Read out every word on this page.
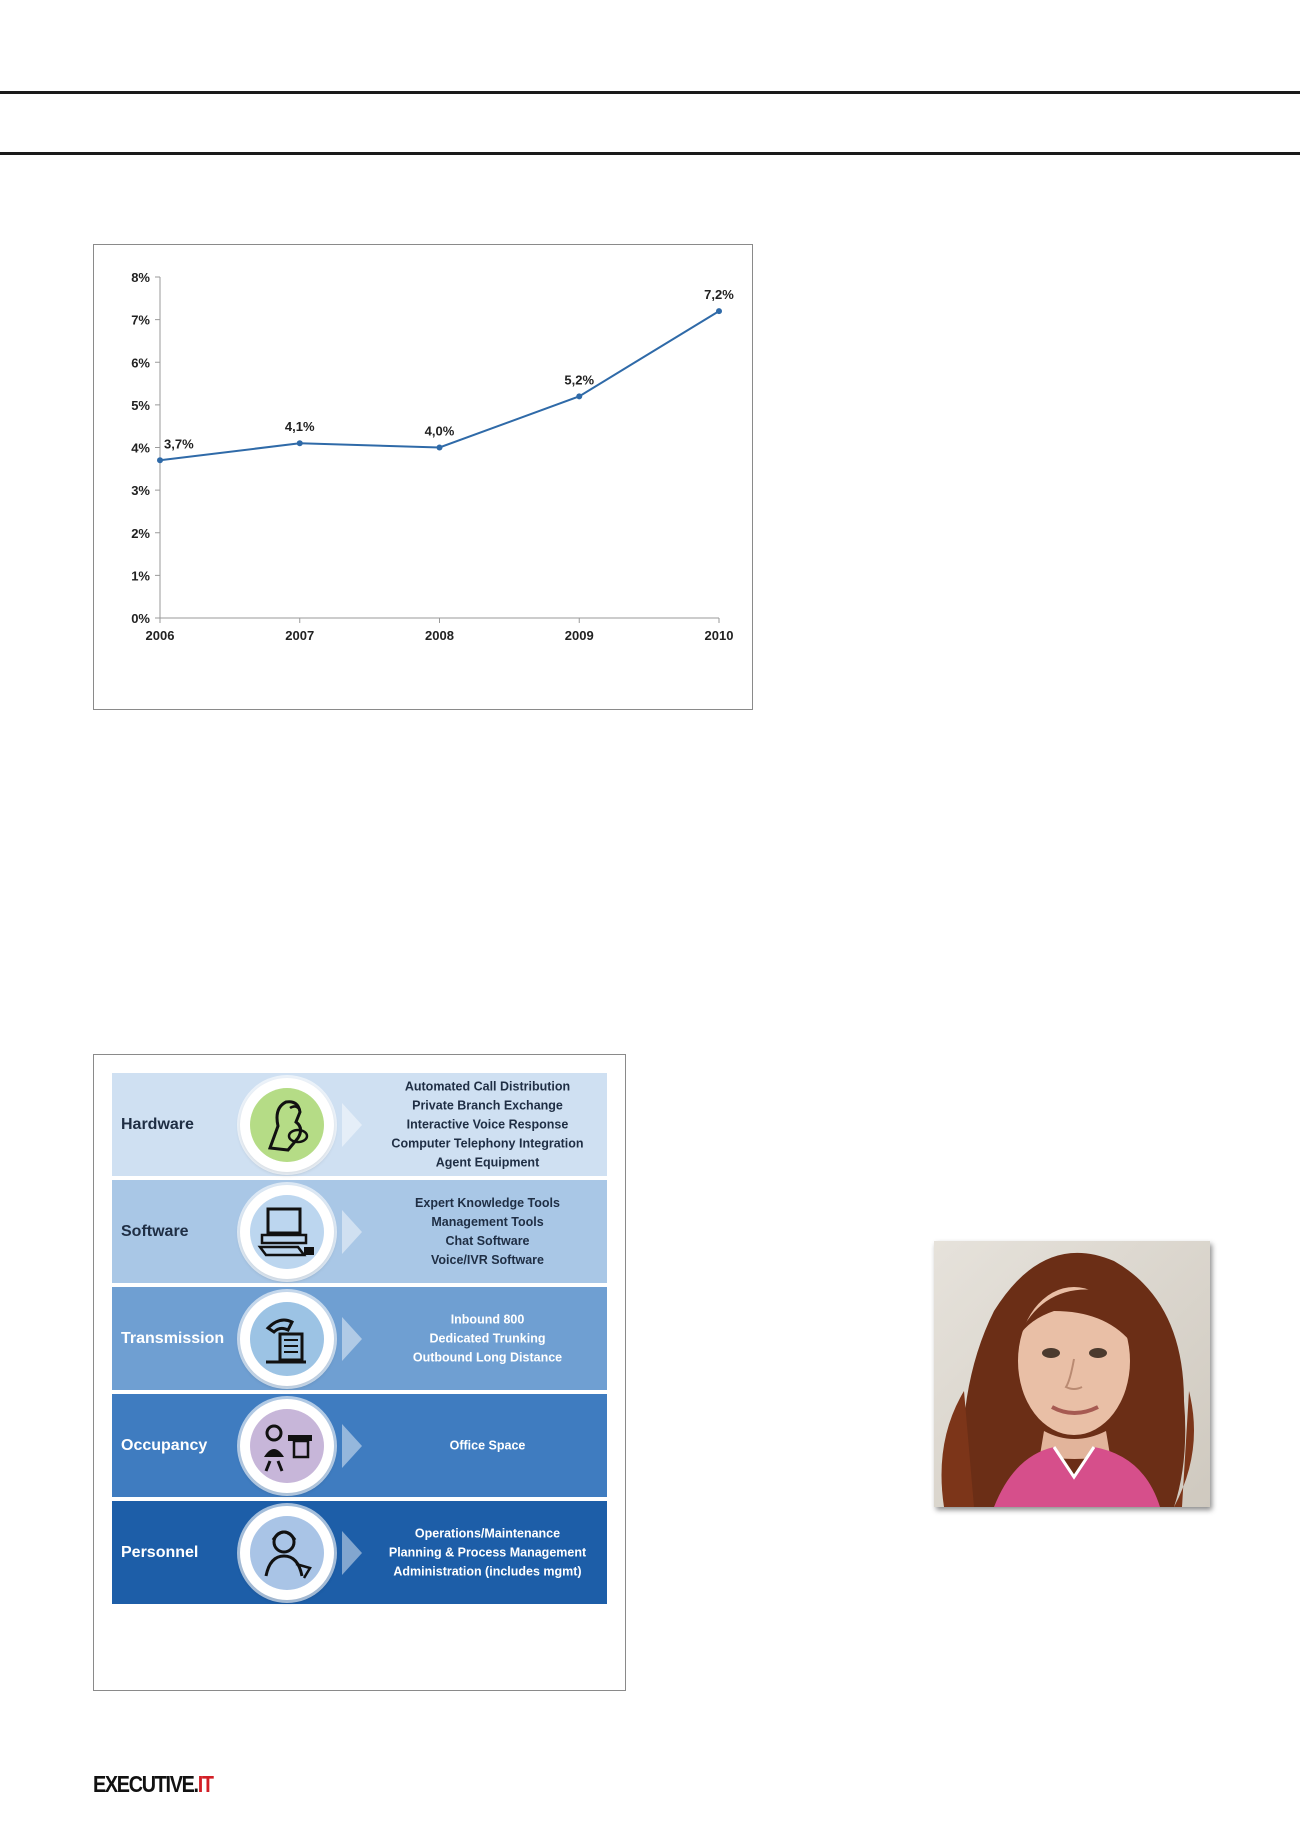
0%
1%
2%
3%
4%
5%
6%
7%
8%
2006	2007	2008	2009	2010
3,7%
4,1%	4,0%
5,2%
7,2%
Hardware
Automated Call Distribution
Private Branch Exchange
Interactive Voice Response
Computer Telephony Integration
Agent Equipment
Software
Expert Knowledge Tools
Management Tools
Chat Software
Voice/IVR Software
Transmission
Inbound 800
Dedicated Trunking
Outbound Long Distance
Occupancy	Office Space
Personnel
Operations/Maintenance
Planning & Process Management
Administration (includes mgmt)
EXECUTIVE.IT
